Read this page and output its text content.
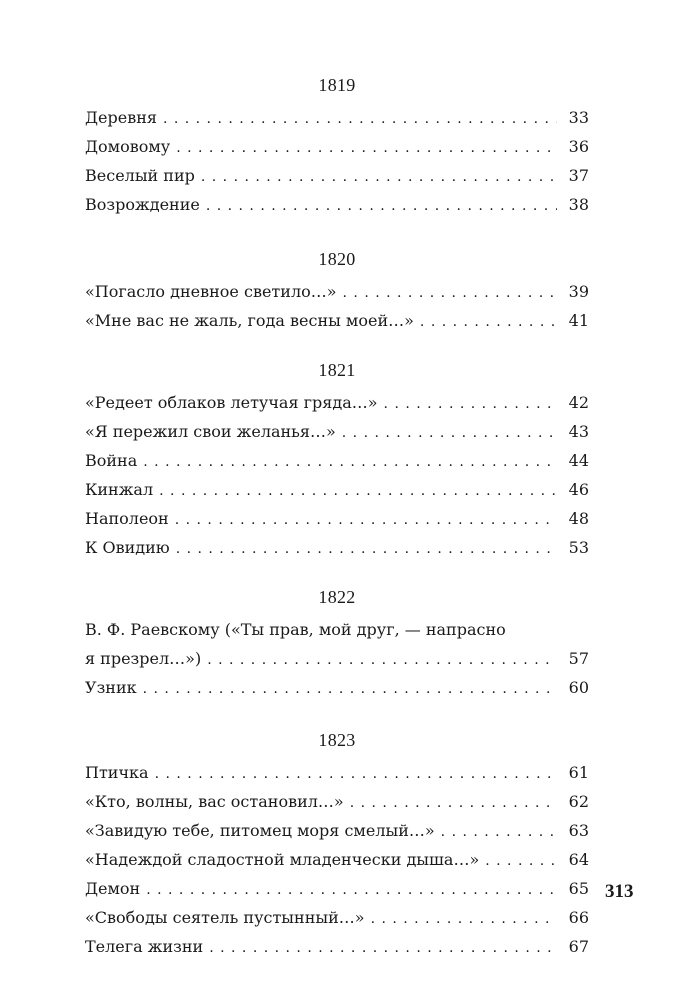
1819
Деревня . . .	33
Домовому . . .	36
Веселый пир . . .	37
Возрождение . . .	38
1820
«Погасло дневное светило…» . . .	39
«Мне вас не жаль, года весны моей…» . . .	41
1821
«Редеет облаков летучая гряда…» . . .	42
«Я пережил свои желанья…» . . .	43
Война . . .	44
Кинжал . . .	46
Наполеон . . .	48
К Овидию . . .	53
1822
В. Ф. Раевскому («Ты прав, мой друг, — напрасно
я презрел…») . . .	57
Узник . . .	60
1823
Птичка . . .	61
«Кто, волны, вас остановил…» . . .	62
«Завидую тебе, питомец моря смелый…» . . .	63
«Надеждой сладостной младенчески дыша…» . . .	64
Демон . . .	65
«Свободы сеятель пустынный…» . . .	66
Телега жизни . . .	67
313
